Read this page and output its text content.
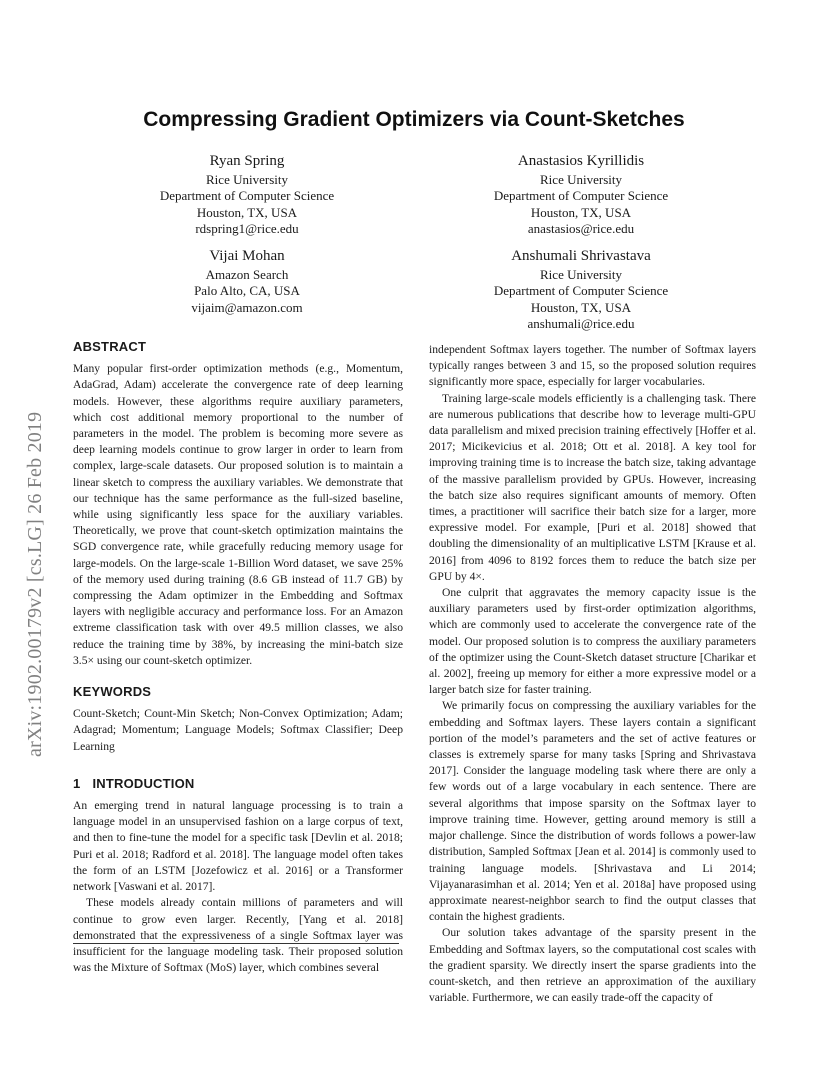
arXiv:1902.00179v2 [cs.LG] 26 Feb 2019
Compressing Gradient Optimizers via Count-Sketches
Ryan Spring
Rice University
Department of Computer Science
Houston, TX, USA
rdspring1@rice.edu
Anastasios Kyrillidis
Rice University
Department of Computer Science
Houston, TX, USA
anastasios@rice.edu
Vijai Mohan
Amazon Search
Palo Alto, CA, USA
vijaim@amazon.com
Anshumali Shrivastava
Rice University
Department of Computer Science
Houston, TX, USA
anshumali@rice.edu
ABSTRACT

Many popular first-order optimization methods (e.g., Momentum, AdaGrad, Adam) accelerate the convergence rate of deep learning models. However, these algorithms require auxiliary parameters, which cost additional memory proportional to the number of parameters in the model. The problem is becoming more severe as deep learning models continue to grow larger in order to learn from complex, large-scale datasets. Our proposed solution is to maintain a linear sketch to compress the auxiliary variables. We demonstrate that our technique has the same performance as the full-sized baseline, while using significantly less space for the auxiliary variables. Theoretically, we prove that count-sketch optimization maintains the SGD convergence rate, while gracefully reducing memory usage for large-models. On the large-scale 1-Billion Word dataset, we save 25% of the memory used during training (8.6 GB instead of 11.7 GB) by compressing the Adam optimizer in the Embedding and Softmax layers with negligible accuracy and performance loss. For an Amazon extreme classification task with over 49.5 million classes, we also reduce the training time by 38%, by increasing the mini-batch size 3.5× using our count-sketch optimizer.

KEYWORDS

Count-Sketch; Count-Min Sketch; Non-Convex Optimization; Adam; Adagrad; Momentum; Language Models; Softmax Classifier; Deep Learning

1 INTRODUCTION

An emerging trend in natural language processing is to train a language model in an unsupervised fashion on a large corpus of text, and then to fine-tune the model for a specific task [Devlin et al. 2018; Puri et al. 2018; Radford et al. 2018]. The language model often takes the form of an LSTM [Jozefowicz et al. 2016] or a Transformer network [Vaswani et al. 2017].

These models already contain millions of parameters and will continue to grow even larger. Recently, [Yang et al. 2018] demonstrated that the expressiveness of a single Softmax layer was insufficient for the language modeling task. Their proposed solution was the Mixture of Softmax (MoS) layer, which combines several

independent Softmax layers together. The number of Softmax layers typically ranges between 3 and 15, so the proposed solution requires significantly more space, especially for larger vocabularies.

Training large-scale models efficiently is a challenging task. There are numerous publications that describe how to leverage multi-GPU data parallelism and mixed precision training effectively [Hoffer et al. 2017; Micikevicius et al. 2018; Ott et al. 2018]. A key tool for improving training time is to increase the batch size, taking advantage of the massive parallelism provided by GPUs. However, increasing the batch size also requires significant amounts of memory. Often times, a practitioner will sacrifice their batch size for a larger, more expressive model. For example, [Puri et al. 2018] showed that doubling the dimensionality of an multiplicative LSTM [Krause et al. 2016] from 4096 to 8192 forces them to reduce the batch size per GPU by 4×.

One culprit that aggravates the memory capacity issue is the auxiliary parameters used by first-order optimization algorithms, which are commonly used to accelerate the convergence rate of the model. Our proposed solution is to compress the auxiliary parameters of the optimizer using the Count-Sketch dataset structure [Charikar et al. 2002], freeing up memory for either a more expressive model or a larger batch size for faster training.

We primarily focus on compressing the auxiliary variables for the embedding and Softmax layers. These layers contain a significant portion of the model’s parameters and the set of active features or classes is extremely sparse for many tasks [Spring and Shrivastava 2017]. Consider the language modeling task where there are only a few words out of a large vocabulary in each sentence. There are several algorithms that impose sparsity on the Softmax layer to improve training time. However, getting around memory is still a major challenge. Since the distribution of words follows a power-law distribution, Sampled Softmax [Jean et al. 2014] is commonly used to training language models. [Shrivastava and Li 2014; Vijayanarasimhan et al. 2014; Yen et al. 2018a] have proposed using approximate nearest-neighbor search to find the output classes that contain the highest gradients.

Our solution takes advantage of the sparsity present in the Embedding and Softmax layers, so the computational cost scales with the gradient sparsity. We directly insert the sparse gradients into the count-sketch, and then retrieve an approximation of the auxiliary variable. Furthermore, we can easily trade-off the capacity of
